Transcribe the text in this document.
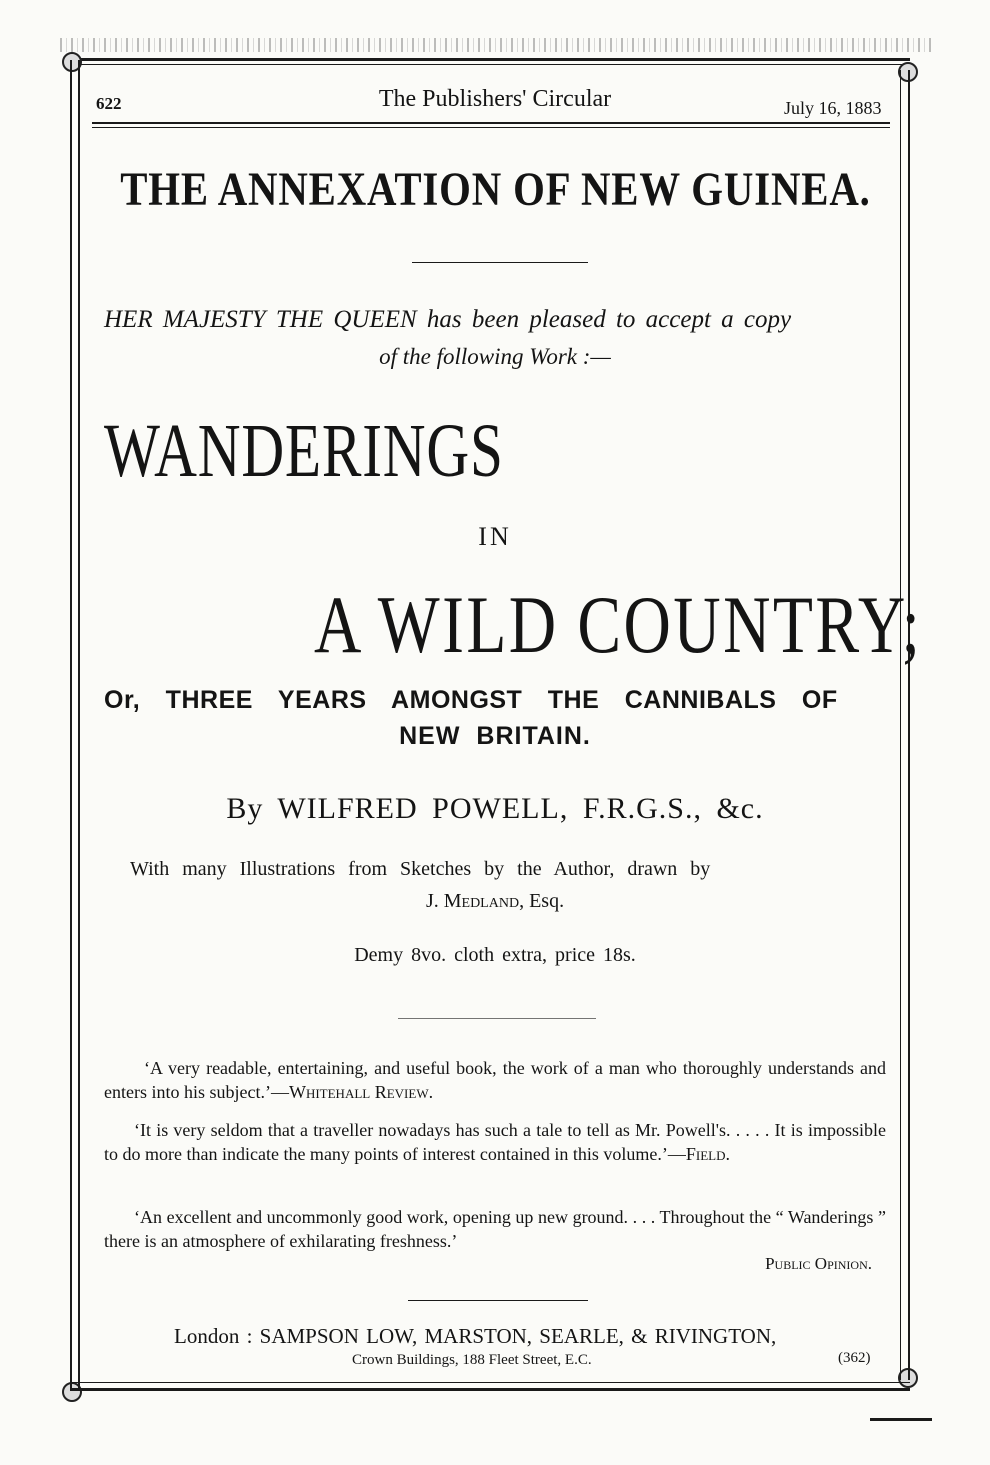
622	The Publishers' Circular	July 16, 1883
THE ANNEXATION OF NEW GUINEA.
HER MAJESTY THE QUEEN has been pleased to accept a copy
of the following Work :—
WANDERINGS
IN
A WILD COUNTRY;
Or, THREE YEARS AMONGST THE CANNIBALS OF
NEW BRITAIN.
By WILFRED POWELL, F.R.G.S., &c.
With many Illustrations from Sketches by the Author, drawn by
J. Medland, Esq.
Demy 8vo. cloth extra, price 18s.
‘A very readable, entertaining, and useful book, the work of a man who thoroughly understands and enters into his subject.’—Whitehall Review.
‘It is very seldom that a traveller nowadays has such a tale to tell as Mr. Powell's. . . . . It is impossible to do more than indicate the many points of interest contained in this volume.’—Field.
‘An excellent and uncommonly good work, opening up new ground. . . . Throughout the “ Wanderings ” there is an atmosphere of exhilarating freshness.’
Public Opinion.
London : SAMPSON LOW, MARSTON, SEARLE, & RIVINGTON,
Crown Buildings, 188 Fleet Street, E.C.	(362)
